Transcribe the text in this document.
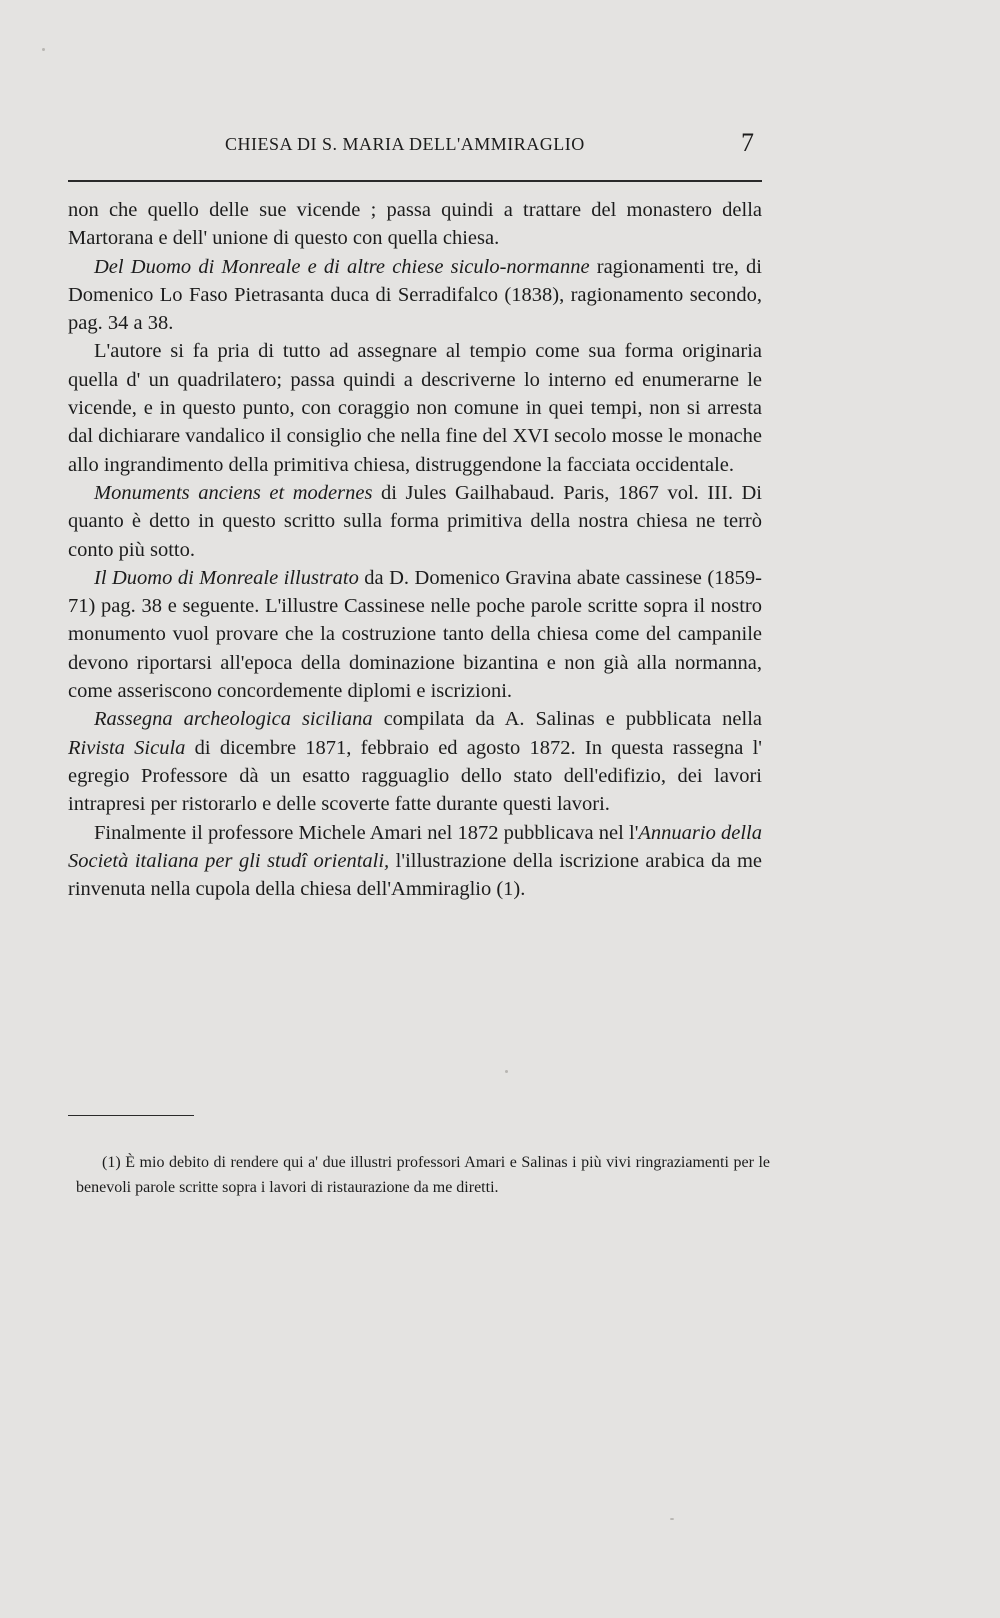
CHIESA DI S. MARIA DELL'AMMIRAGLIO	7

non che quello delle sue vicende ; passa quindi a trattare del monastero della Martorana e dell' unione di questo con quella chiesa.

Del Duomo di Monreale e di altre chiese siculo-normanne ragionamenti tre, di Domenico Lo Faso Pietrasanta duca di Serradifalco (1838), ragionamento secondo, pag. 34 a 38.

L'autore si fa pria di tutto ad assegnare al tempio come sua forma originaria quella d' un quadrilatero; passa quindi a descriverne lo interno ed enumerarne le vicende, e in questo punto, con coraggio non comune in quei tempi, non si arresta dal dichiarare vandalico il consiglio che nella fine del XVI secolo mosse le monache allo ingrandimento della primitiva chiesa, distruggendone la facciata occidentale.

Monuments anciens et modernes di Jules Gailhabaud. Paris, 1867 vol. III. Di quanto è detto in questo scritto sulla forma primitiva della nostra chiesa ne terrò conto più sotto.

Il Duomo di Monreale illustrato da D. Domenico Gravina abate cassinese (1859-71) pag. 38 e seguente. L'illustre Cassinese nelle poche parole scritte sopra il nostro monumento vuol provare che la costruzione tanto della chiesa come del campanile devono riportarsi all'epoca della dominazione bizantina e non già alla normanna, come asseriscono concordemente diplomi e iscrizioni.

Rassegna archeologica siciliana compilata da A. Salinas e pubblicata nella Rivista Sicula di dicembre 1871, febbraio ed agosto 1872. In questa rassegna l' egregio Professore dà un esatto ragguaglio dello stato dell'edifizio, dei lavori intrapresi per ristorarlo e delle scoverte fatte durante questi lavori.

Finalmente il professore Michele Amari nel 1872 pubblicava nel l'Annuario della Società italiana per gli studî orientali, l'illustrazione della iscrizione arabica da me rinvenuta nella cupola della chiesa dell'Ammiraglio (1).

(1) È mio debito di rendere qui a' due illustri professori Amari e Salinas i più vivi ringraziamenti per le benevoli parole scritte sopra i lavori di ristaurazione da me diretti.
